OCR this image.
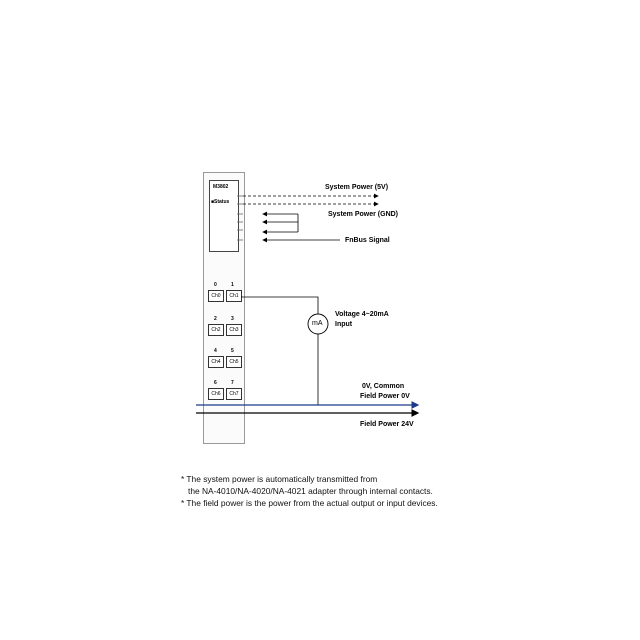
M3802
■Status
0	1
Ch0	Ch1
2	3
Ch2	Ch3
4	5
Ch4	Ch5
6	7
Ch6	Ch7
mA
System Power (5V)
System Power (GND)
FnBus Signal
Voltage 4~20mA
Input
0V, Common
Field Power 0V
Field Power 24V
* The system power is automatically transmitted from
the NA-4010/NA-4020/NA-4021 adapter through internal contacts.
* The field power is the power from the actual output or input devices.
